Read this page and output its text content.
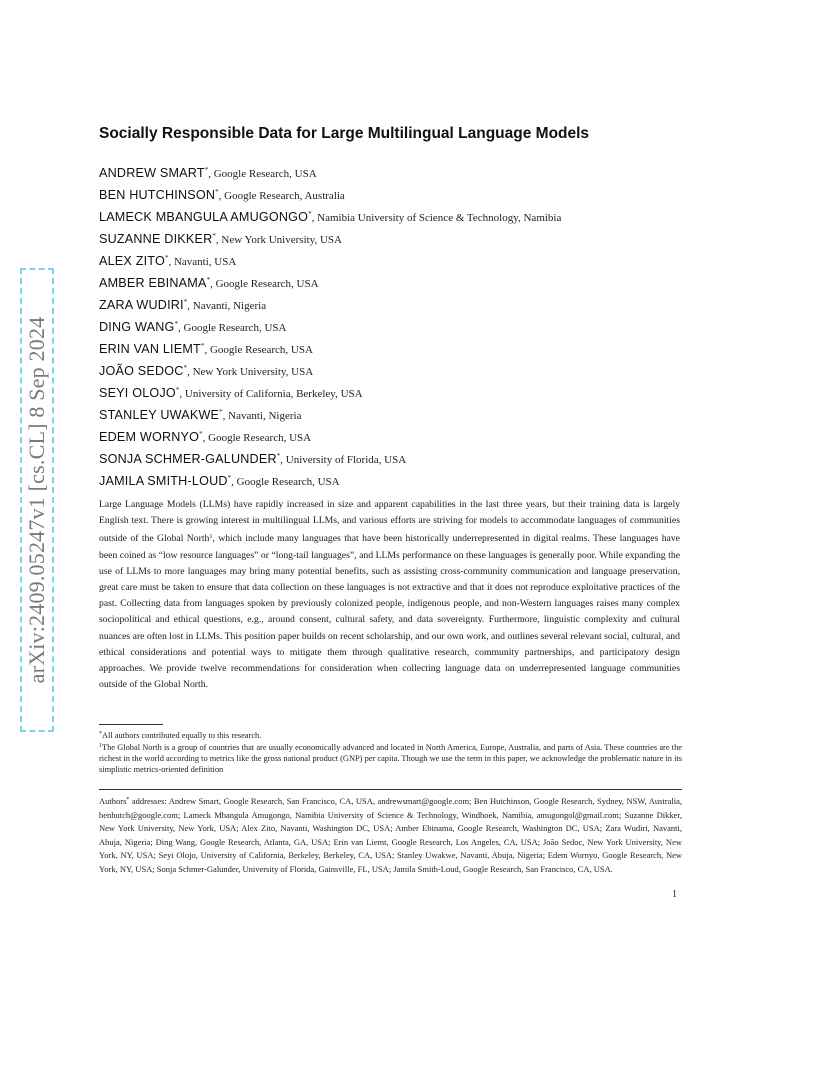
arXiv:2409.05247v1 [cs.CL] 8 Sep 2024
Socially Responsible Data for Large Multilingual Language Models
ANDREW SMART*, Google Research, USA
BEN HUTCHINSON*, Google Research, Australia
LAMECK MBANGULA AMUGONGO*, Namibia University of Science & Technology, Namibia
SUZANNE DIKKER*, New York University, USA
ALEX ZITO*, Navanti, USA
AMBER EBINAMA*, Google Research, USA
ZARA WUDIRI*, Navanti, Nigeria
DING WANG*, Google Research, USA
ERIN VAN LIEMT*, Google Research, USA
JOÃO SEDOC*, New York University, USA
SEYI OLOJO*, University of California, Berkeley, USA
STANLEY UWAKWE*, Navanti, Nigeria
EDEM WORNYO*, Google Research, USA
SONJA SCHMER-GALUNDER*, University of Florida, USA
JAMILA SMITH-LOUD*, Google Research, USA

Large Language Models (LLMs) have rapidly increased in size and apparent capabilities in the last three years, but their training data is largely English text. There is growing interest in multilingual LLMs, and various efforts are striving for models to accommodate languages of communities outside of the Global North$^1$, which include many languages that have been historically underrepresented in digital realms. These languages have been coined as “low resource languages” or “long-tail languages”, and LLMs performance on these languages is generally poor. While expanding the use of LLMs to more languages may bring many potential benefits, such as assisting cross-community communication and language preservation, great care must be taken to ensure that data collection on these languages is not extractive and that it does not reproduce exploitative practices of the past. Collecting data from languages spoken by previously colonized people, indigenous people, and non-Western languages raises many complex sociopolitical and ethical questions, e.g., around consent, cultural safety, and data sovereignty. Furthermore, linguistic complexity and cultural nuances are often lost in LLMs. This position paper builds on recent scholarship, and our own work, and outlines several relevant social, cultural, and ethical considerations and potential ways to mitigate them through qualitative research, community partnerships, and participatory design approaches. We provide twelve recommendations for consideration when collecting language data on underrepresented language communities outside of the Global North.

*All authors contributed equally to this research.

$^1$The Global North is a group of countries that are usually economically advanced and located in North America, Europe, Australia, and parts of Asia. These countries are the richest in the world according to metrics like the gross national product (GNP) per capita. Though we use the term in this paper, we acknowledge the problematic nature in its simplistic metrics-oriented definition

Authors* addresses: Andrew Smart, Google Research, San Francisco, CA, USA, andrewsmart@google.com; Ben Hutchinson, Google Research, Sydney, NSW, Australia, benhutch@google.com; Lameck Mbangula Amugongo, Namibia University of Science & Technology, Windhoek, Namibia, amugongol@gmail.com; Suzanne Dikker, New York University, New York, USA; Alex Zito, Navanti, Washington DC, USA; Amber Ebinama, Google Research, Washington DC, USA; Zara Wudiri, Navanti, Abuja, Nigeria; Ding Wang, Google Research, Atlanta, GA, USA; Erin van Liemt, Google Research, Los Angeles, CA, USA; João Sedoc, New York University, New York, NY, USA; Seyi Olojo, University of California, Berkeley, Berkeley, CA, USA; Stanley Uwakwe, Navanti, Abuja, Nigeria; Edem Wornyo, Google Research, New York, NY, USA; Sonja Schmer-Galunder, University of Florida, Gainsville, FL, USA; Jamila Smith-Loud, Google Research, San Francisco, CA, USA.

1
